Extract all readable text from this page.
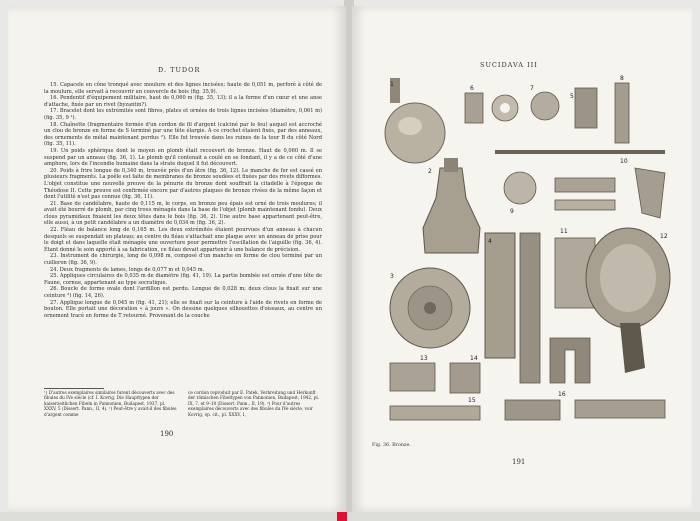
D. TUDOR

15. Capacele en cône tronqué avec moulure et des lignes incisées; haute de 0,051 m, perforé à côté de la moulure, elle servait à recouvrir un couvercle de bois (fig. 35,9).

16. Pendentif d'équipement militaire, haut de 0,060 m (fig. 35, 13); il a la forme d'un cœur et une anse d'attache, fixée par un rivet (byzantin?).

17. Bracelet dont les extrémités sont fibres, plates et ornées de trois lignes incisées (diamètre, 0,061 m) (fig. 35, 9 ¹).

18. Chaînette (fragmentaire formée d'un cordon de fil d'argent (calciné par le feu) auquel est accroché un clou de bronze en forme de S terminé par une tête élargie. À ce crochet étaient fixés, par des anneaux, des ornements de métal maintenant perdus ²). Elle fut trouvée dans les ruines de la tour B du côté Nord (fig. 35, 11).

19. Un poids sphérique dont le moyen en plomb était recouvert de bronze. Haut de 0,060 m. Il se suspend par un anneau (fig. 36, 1). Le plomb qu'il contenait a coulé en se fondant, il y a de ce côté d'une amphore, lors de l'incendie humaine dans la strate duquel il fut découvert.

20. Poids à frire longue de 0,340 m, trouvée près d'un âtre (fig. 36, 12). Le manche de fer est cassé en plusieurs fragments. La poêle est faite de membranes de bronze soudées et fixées par des rivets difformes. L'objet constitue une nouvelle preuve de la pénurie du bronze dont souffrait la citadelle à l'époque de Théodose II. Cette preuve est confirmée encore par d'autres plaques de bronze rivées de la même façon et dont l'utilité n'est pas connue (fig. 36, 11).

21. Base de candélabre, haute de 0,115 m, le corps, en bronze peu épais est orné de trois moulures; il avait été bourré de plomb, par cinq trous ménagés dans la base de l'objet (plomb maintenant fondu). Deux clous pyramidaux fixaient les deux têtes dans le bois (fig. 36, 2). Une autre base appartenant peut-être, elle aussi, à un petit candélabre a un diamètre de 0,034 m (fig. 36, 2).

22. Fléau de balance long de 0,165 m. Les deux extrémités étaient pourvues d'un anneau à chacun desquels se suspendait un plateau; au centre du fléau s'attachait une plaque avec un anneau de prise pour le doigt et dans laquelle était ménagée une ouverture pour permettre l'oscillation de l'aiguille (fig. 36, 4). Étant donné le soin apporté à sa fabrication, ce fléau devait appartenir à une balance de précision.

23. Instrument de chirurgie, long de 0,098 m, composé d'un manche en forme de clou terminé par un cuilleron (fig. 36, 9).

24. Deux fragments de lames, longs de 0,077 m et 0,045 m.

25. Appliques circulaires de 0,035 m de diamètre (fig. 41, 19). La partie bombée est ornée d'une tête de Faune, cornue, appartenant au type socratique.

26. Boucle de forme ovale dont l'ardillon est perdu. Longue de 0,028 m; deux clous la fixait sur une ceinture ³) (fig. 14, 26).

27. Applique longue de 0,045 m (fig. 41, 21); elle se fixait sur la ceinture à l'aide de rivets en forme de bouton. Elle portait une décoration « à jours ». On dessine quelques silhouettes d'oiseaux, au centre un ornement tracé en forme de T retourné. Provenant de la couche

¹) D'autres exemplaires similaires furent découverts avec des fibules du IVe siècle (cf. I. Kovrig, Die Haupttypen der kaiserzeitlichen Fibeln in Pannonien, Budapest, 1937, pl. XXXV, 5 (Dissert. Pann., II, 4). ²) Peut-être y avait-il des fibules d'argent comme
ce cordon reproduit par E. Patek, Verbreitung und Herkunft der römischen Fibeltypen von Pannonien, Budapest, 1942, pl. IX, 7, et 9–10 (Dissert. Pann., II, 19). ³) Pour d'autres exemplaires découverts avec des fibules du IVe siècle, voir Kovrig, op. cit., pl. XXXV, 1,
190
SUCIDAVA III
1
2
3
4
5
6	7
8
9
10
11
12
13	14
15
16
Fig. 36. Bronze.
191
